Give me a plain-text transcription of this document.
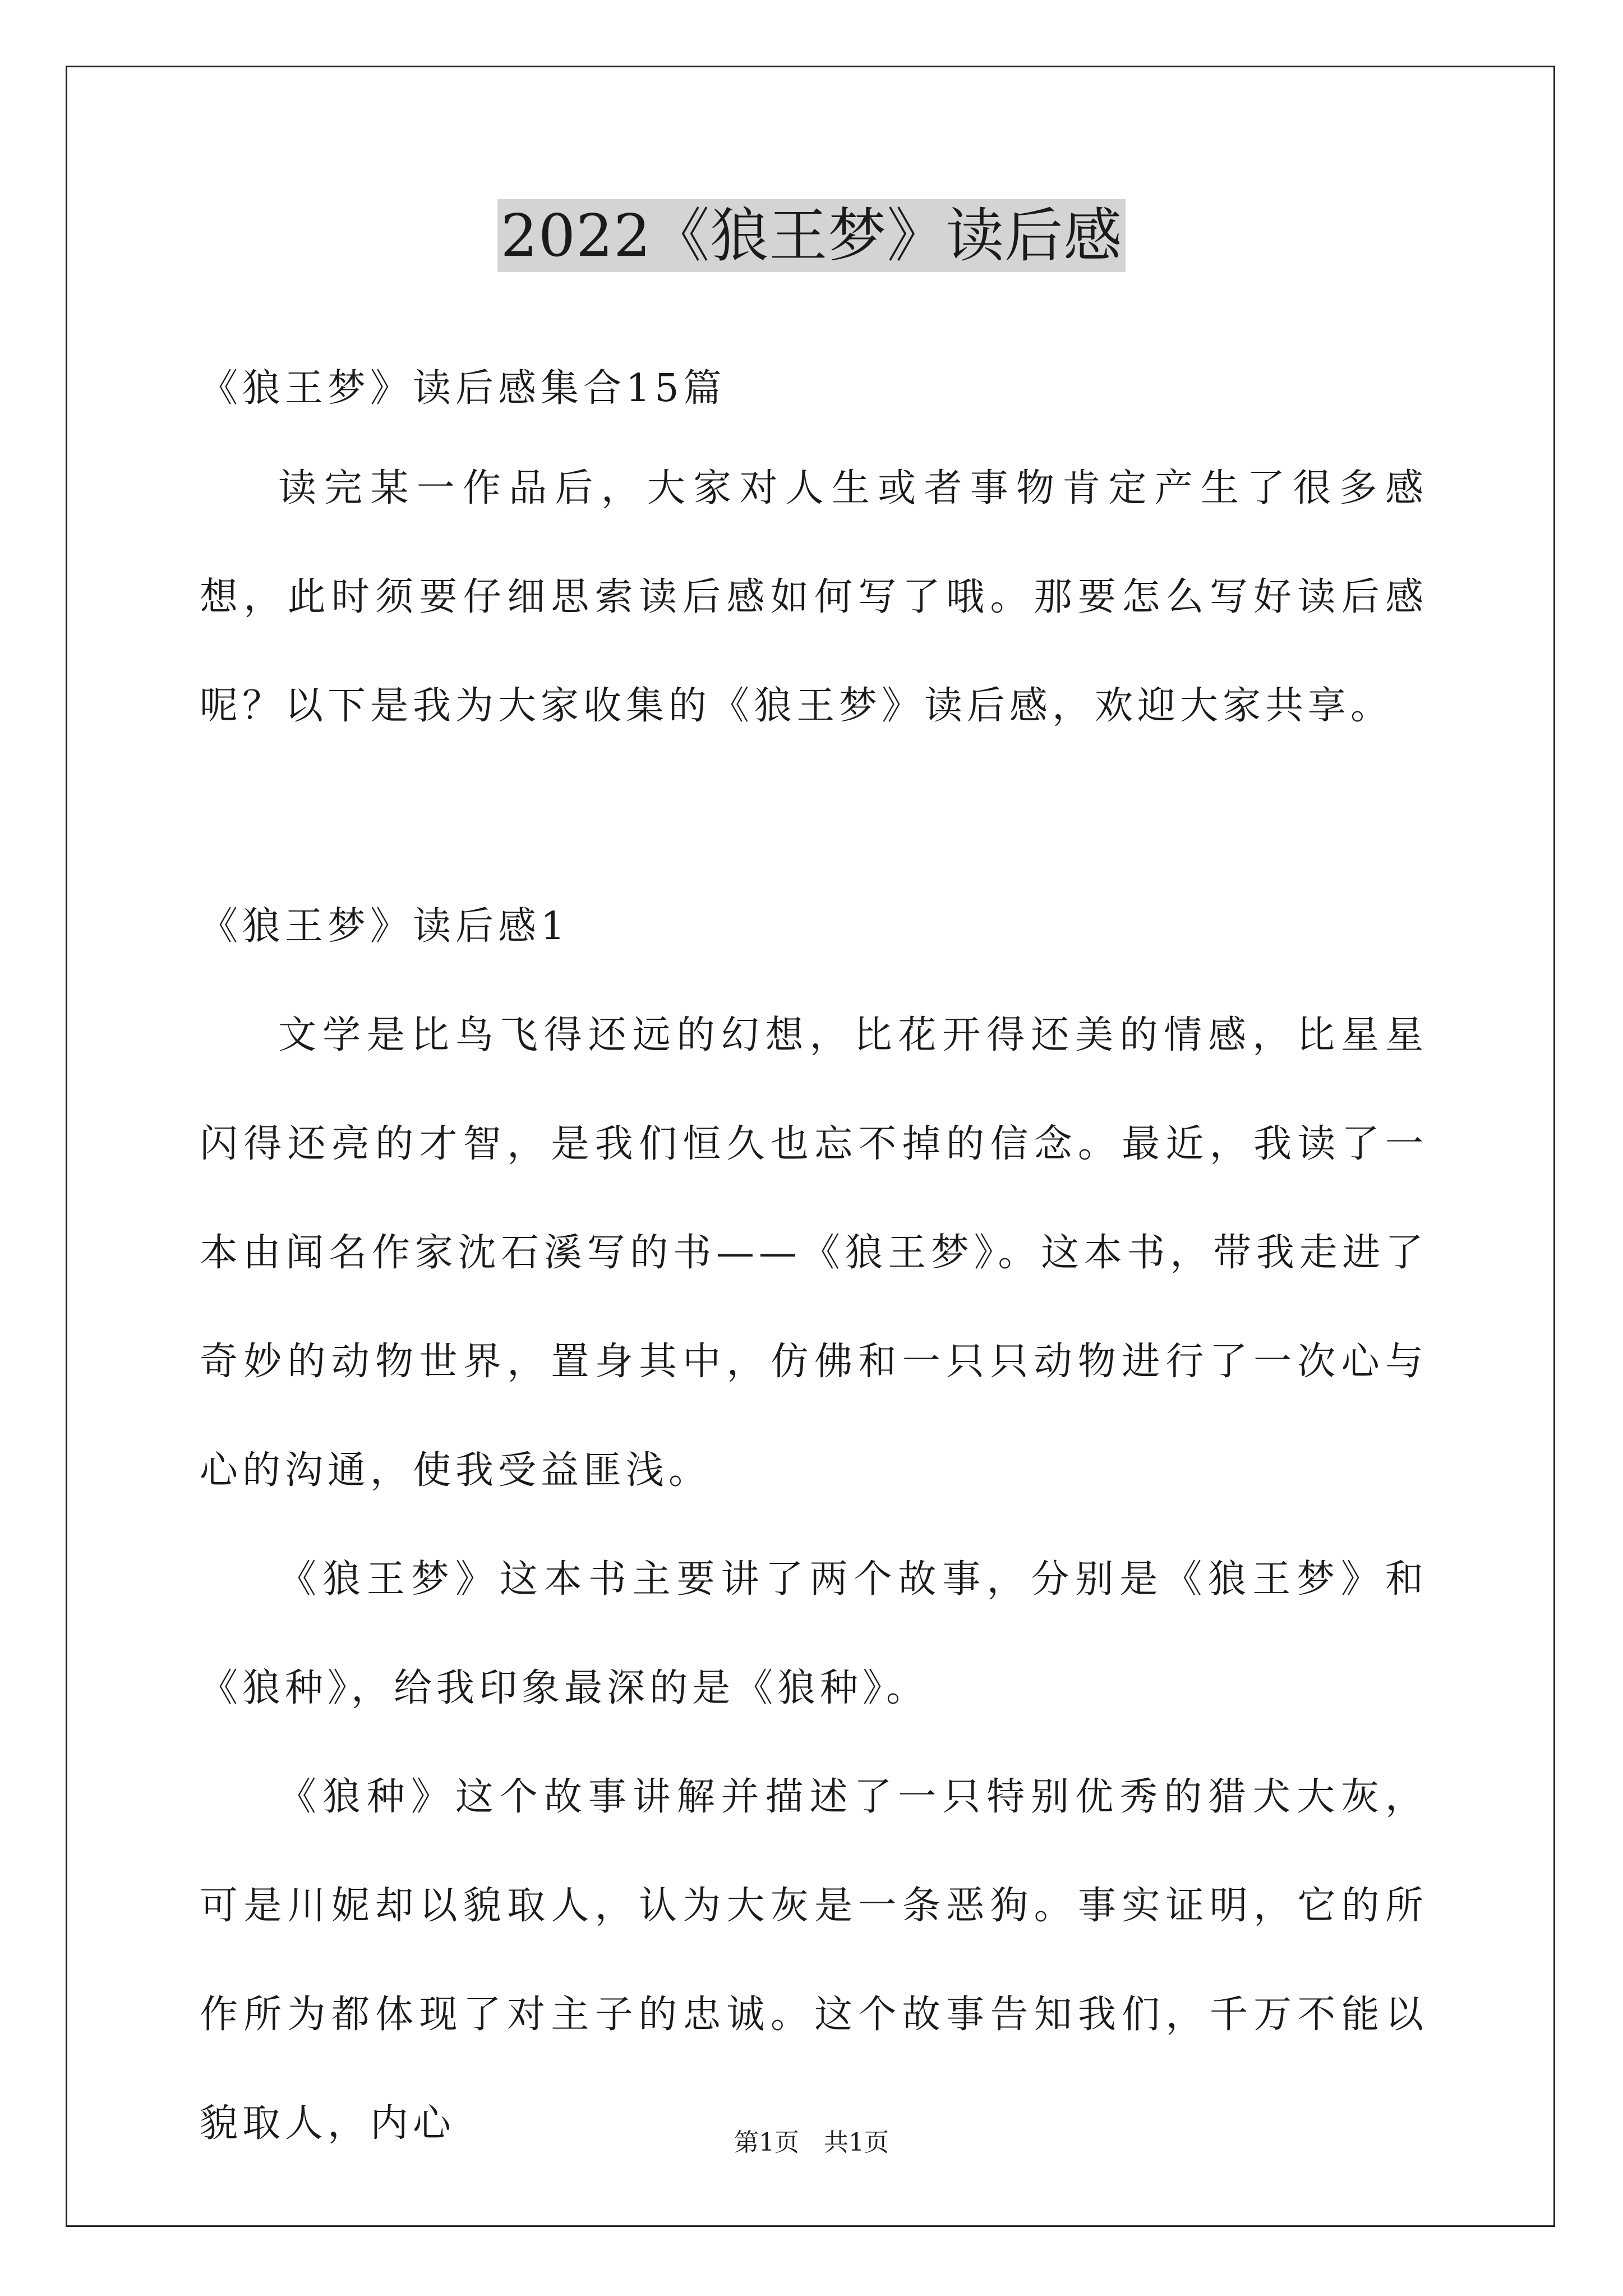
2022《狼王梦》读后感

《狼王梦》读后感集合15篇

读完某一作品后，大家对人生或者事物肯定产生了很多感想，此时须要仔细思索读后感如何写了哦。那要怎么写好读后感呢？以下是我为大家收集的《狼王梦》读后感，欢迎大家共享。

《狼王梦》读后感1

文学是比鸟飞得还远的幻想，比花开得还美的情感，比星星闪得还亮的才智，是我们恒久也忘不掉的信念。最近，我读了一本由闻名作家沈石溪写的书——《狼王梦》。这本书，带我走进了奇妙的动物世界，置身其中，仿佛和一只只动物进行了一次心与心的沟通，使我受益匪浅。

《狼王梦》这本书主要讲了两个故事，分别是《狼王梦》和《狼种》，给我印象最深的是《狼种》。

《狼种》这个故事讲解并描述了一只特别优秀的猎犬大灰，可是川妮却以貌取人，认为大灰是一条恶狗。事实证明，它的所作所为都体现了对主子的忠诚。这个故事告知我们，千万不能以貌取人，内心	第1页　共1页
